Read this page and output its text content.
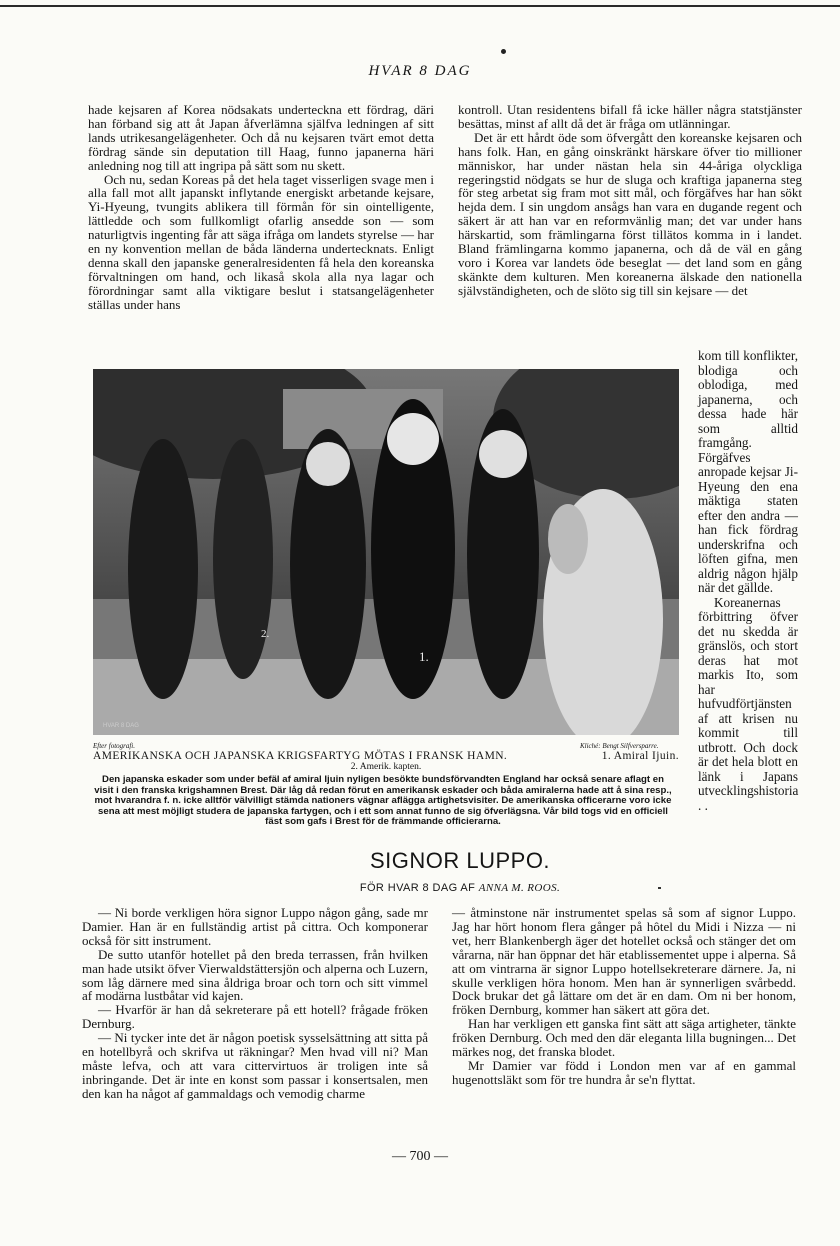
HVAR 8 DAG

hade kejsaren af Korea nödsakats underteckna ett fördrag, däri han förband sig att åt Japan åfverlämna själfva ledningen af sitt lands utrikesangelägenheter. Och då nu kejsaren tvärt emot detta fördrag sände sin deputation till Haag, funno japanerna häri anledning nog till att ingripa på sätt som nu skett.

Och nu, sedan Koreas på det hela taget visserligen svage men i alla fall mot allt japanskt inflytande energiskt arbetande kejsare, Yi-Hyeung, tvungits ablikera till förmån för sin ointelligente, lättledde och som fullkomligt ofarlig ansedde son — som naturligtvis ingenting får att säga ifråga om landets styrelse — har en ny konvention mellan de båda länderna undertecknats. Enligt denna skall den japanske generalresidenten få hela den koreanska förvaltningen om hand, och likaså skola alla nya lagar och förordningar samt alla viktigare beslut i statsangelägenheter ställas under hans

kontroll. Utan residentens bifall få icke häller några statstjänster besättas, minst af allt då det är fråga om utlänningar.

Det är ett hårdt öde som öfvergått den koreanske kejsaren och hans folk. Han, en gång oinskränkt härskare öfver tio millioner människor, har under nästan hela sin 44-åriga olyckliga regeringstid nödgats se hur de sluga och kraftiga japanerna steg för steg arbetat sig fram mot sitt mål, och förgäfves har han sökt hejda dem. I sin ungdom ansågs han vara en dugande regent och säkert är att han var en reformvänlig man; det var under hans härskartid, som främlingarna först tillätos komma in i landet. Bland främlingarna kommo japanerna, och då de väl en gång voro i Korea var landets öde beseglat — det land som en gång skänkte dem kulturen. Men koreanerna älskade den nationella självständigheten, och de slöto sig till sin kejsare — det

kom till konflikter, blodiga och oblodiga, med japanerna, och dessa hade här som alltid framgång. Förgäfves anropade kejsar Ji-Hyeung den ena mäktiga staten efter den andra — han fick fördrag underskrifna och löften gifna, men aldrig någon hjälp när det gällde.

Koreanernas förbittring öfver det nu skedda är gränslös, och stort deras hat mot markis Ito, som har hufvudförtjänsten af att krisen nu kommit till utbrott. Och dock är det hela blott en länk i Japans utvecklingshistoria . .

HVAR 8 DAG
1.
2.
Efter fotografi.	Kliché: Bengt Silfversparre.
AMERIKANSKA OCH JAPANSKA KRIGSFARTYG MÖTAS I FRANSK HAMN.	1. Amiral Ijuin.
2. Amerik. kapten.
Den japanska eskader som under befäl af amiral Ijuin nyligen besökte bundsförvandten England har också senare aflagt en visit i den franska krigshamnen Brest. Där låg då redan förut en amerikansk eskader och båda amiralerna hade att å sina resp., mot hvarandra f. n. icke alltför välvilligt stämda nationers vägnar aflägga artighetsvisiter. De amerikanska officerarne voro icke sena att mest möjligt studera de japanska fartygen, och i ett som annat funno de sig öfverlägsna. Vår bild togs vid en officiell fäst som gafs i Brest för de främmande officierarna.
SIGNOR LUPPO.
FÖR HVAR 8 DAG AF ANNA M. ROOS.

— Ni borde verkligen höra signor Luppo någon gång, sade mr Damier. Han är en fullständig artist på cittra. Och komponerar också för sitt instrument.

De sutto utanför hotellet på den breda terrassen, från hvilken man hade utsikt öfver Vierwaldstättersjön och alperna och Luzern, som låg därnere med sina åldriga broar och torn och sitt vimmel af modärna lustbåtar vid kajen.

— Hvarför är han då sekreterare på ett hotell? frågade fröken Dernburg.

— Ni tycker inte det är någon poetisk sysselsättning att sitta på en hotellbyrå och skrifva ut räkningar? Men hvad vill ni? Man måste lefva, och att vara cittervirtuos är troligen inte så inbringande. Det är inte en konst som passar i konsertsalen, men den kan ha något af gammaldags och vemodig charme

— åtminstone när instrumentet spelas så som af signor Luppo. Jag har hört honom flera gånger på hôtel du Midi i Nizza — ni vet, herr Blankenbergh äger det hotellet också och stänger det om vårarna, när han öppnar det här etablissementet uppe i alperna. Så att om vintrarna är signor Luppo hotellsekreterare därnere. Ja, ni skulle verkligen höra honom. Men han är synnerligen svårbedd. Dock brukar det gå lättare om det är en dam. Om ni ber honom, fröken Dernburg, kommer han säkert att göra det.

Han har verkligen ett ganska fint sätt att säga artigheter, tänkte fröken Dernburg. Och med den där eleganta lilla bugningen... Det märkes nog, det franska blodet.

Mr Damier var född i London men var af en gammal hugenottsläkt som för tre hundra år se'n flyttat.

— 700 —
